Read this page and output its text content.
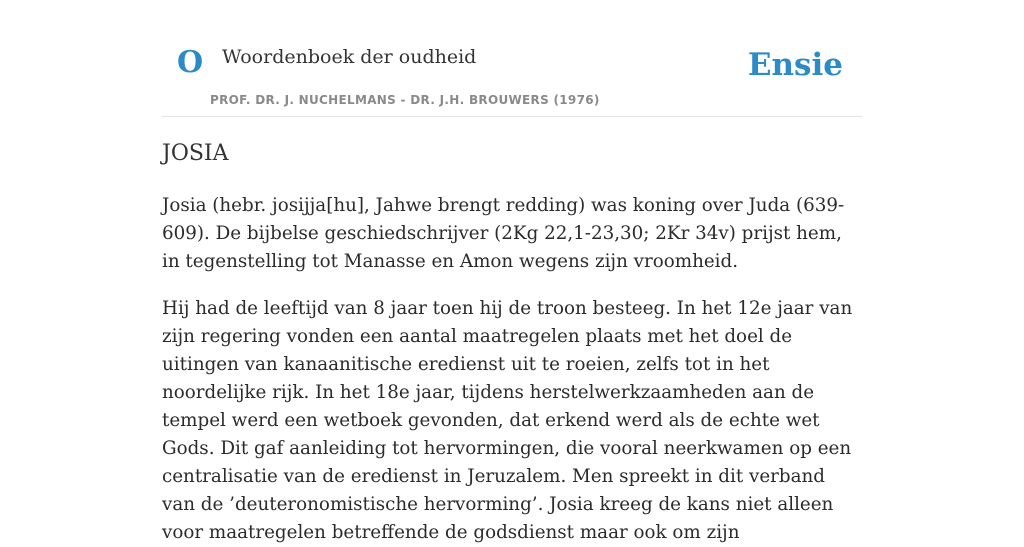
O Woordenboek der oudheid
PROF. DR. J. NUCHELMANS - DR. J.H. BROUWERS (1976)
Ensie
JOSIA

Josia (hebr. josijja[hu], Jahwe brengt redding) was koning over Juda (639-609). De bijbelse geschiedschrijver (2Kg 22,1-23,30; 2Kr 34v) prijst hem, in tegenstelling tot Manasse en Amon wegens zijn vroomheid.

Hij had de leeftijd van 8 jaar toen hij de troon besteeg. In het 12e jaar van zijn regering vonden een aantal maatregelen plaats met het doel de uitingen van kanaanitische eredienst uit te roeien, zelfs tot in het noordelijke rijk. In het 18e jaar, tijdens herstelwerkzaamheden aan de tempel werd een wetboek gevonden, dat erkend werd als de echte wet Gods. Dit gaf aanleiding tot hervormingen, die vooral neerkwamen op een centralisatie van de eredienst in Jeruzalem. Men spreekt in dit verband van de ’deuteronomistische hervorming’. Josia kreeg de kans niet alleen voor maatregelen betreffende de godsdienst maar ook om zijn
